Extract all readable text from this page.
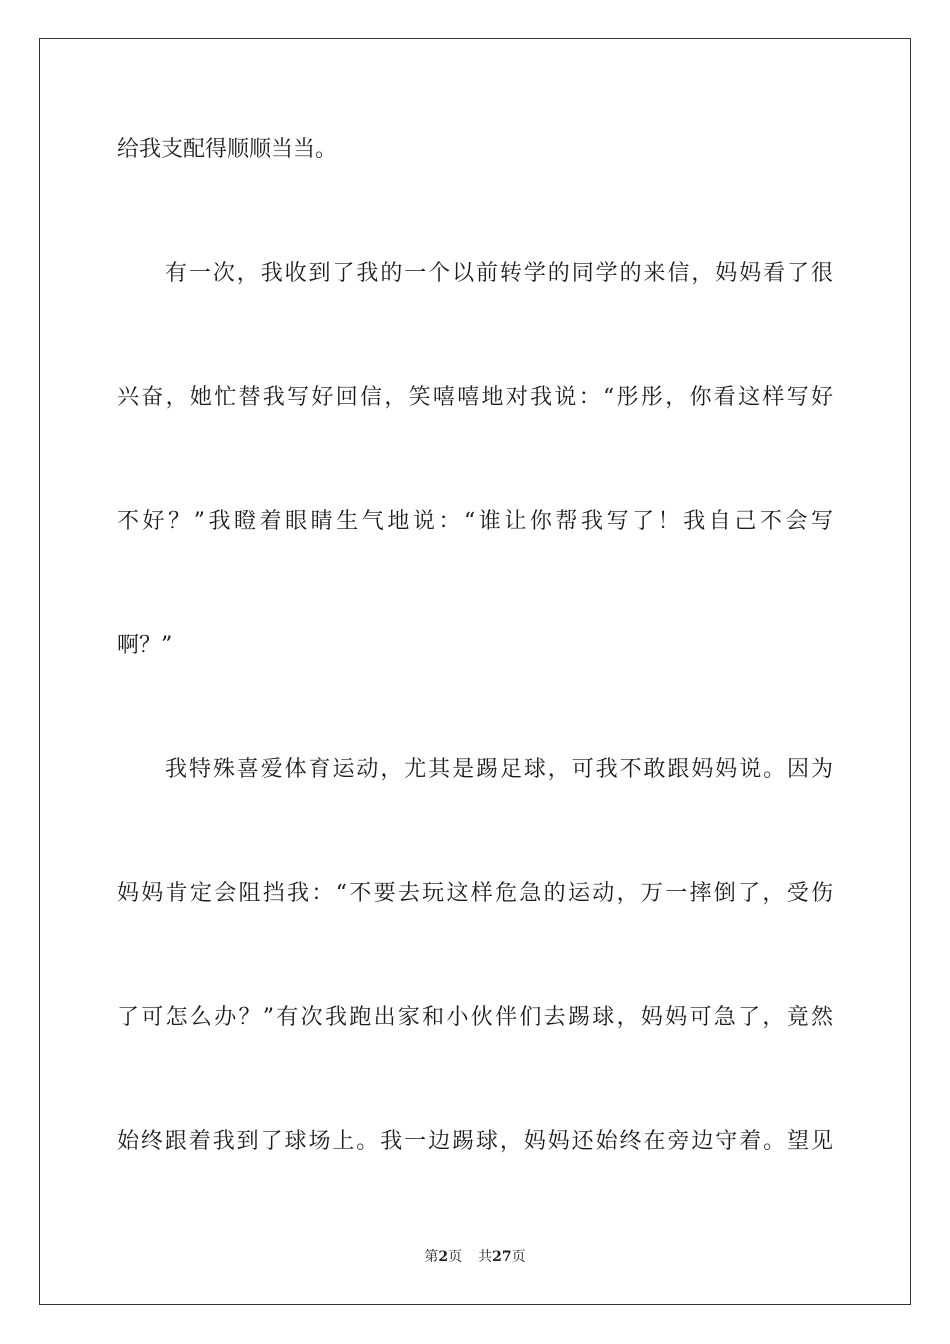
给我支配得顺顺当当。
有一次，我收到了我的一个以前转学的同学的来信，妈妈看了很
兴奋，她忙替我写好回信，笑嘻嘻地对我说：“彤彤，你看这样写好
不好？”我瞪着眼睛生气地说：“谁让你帮我写了！我自己不会写
啊？”
我特殊喜爱体育运动，尤其是踢足球，可我不敢跟妈妈说。因为
妈妈肯定会阻挡我：“不要去玩这样危急的运动，万一摔倒了，受伤
了可怎么办？”有次我跑出家和小伙伴们去踢球，妈妈可急了，竟然
始终跟着我到了球场上。我一边踢球，妈妈还始终在旁边守着。望见
第2页 共27页
